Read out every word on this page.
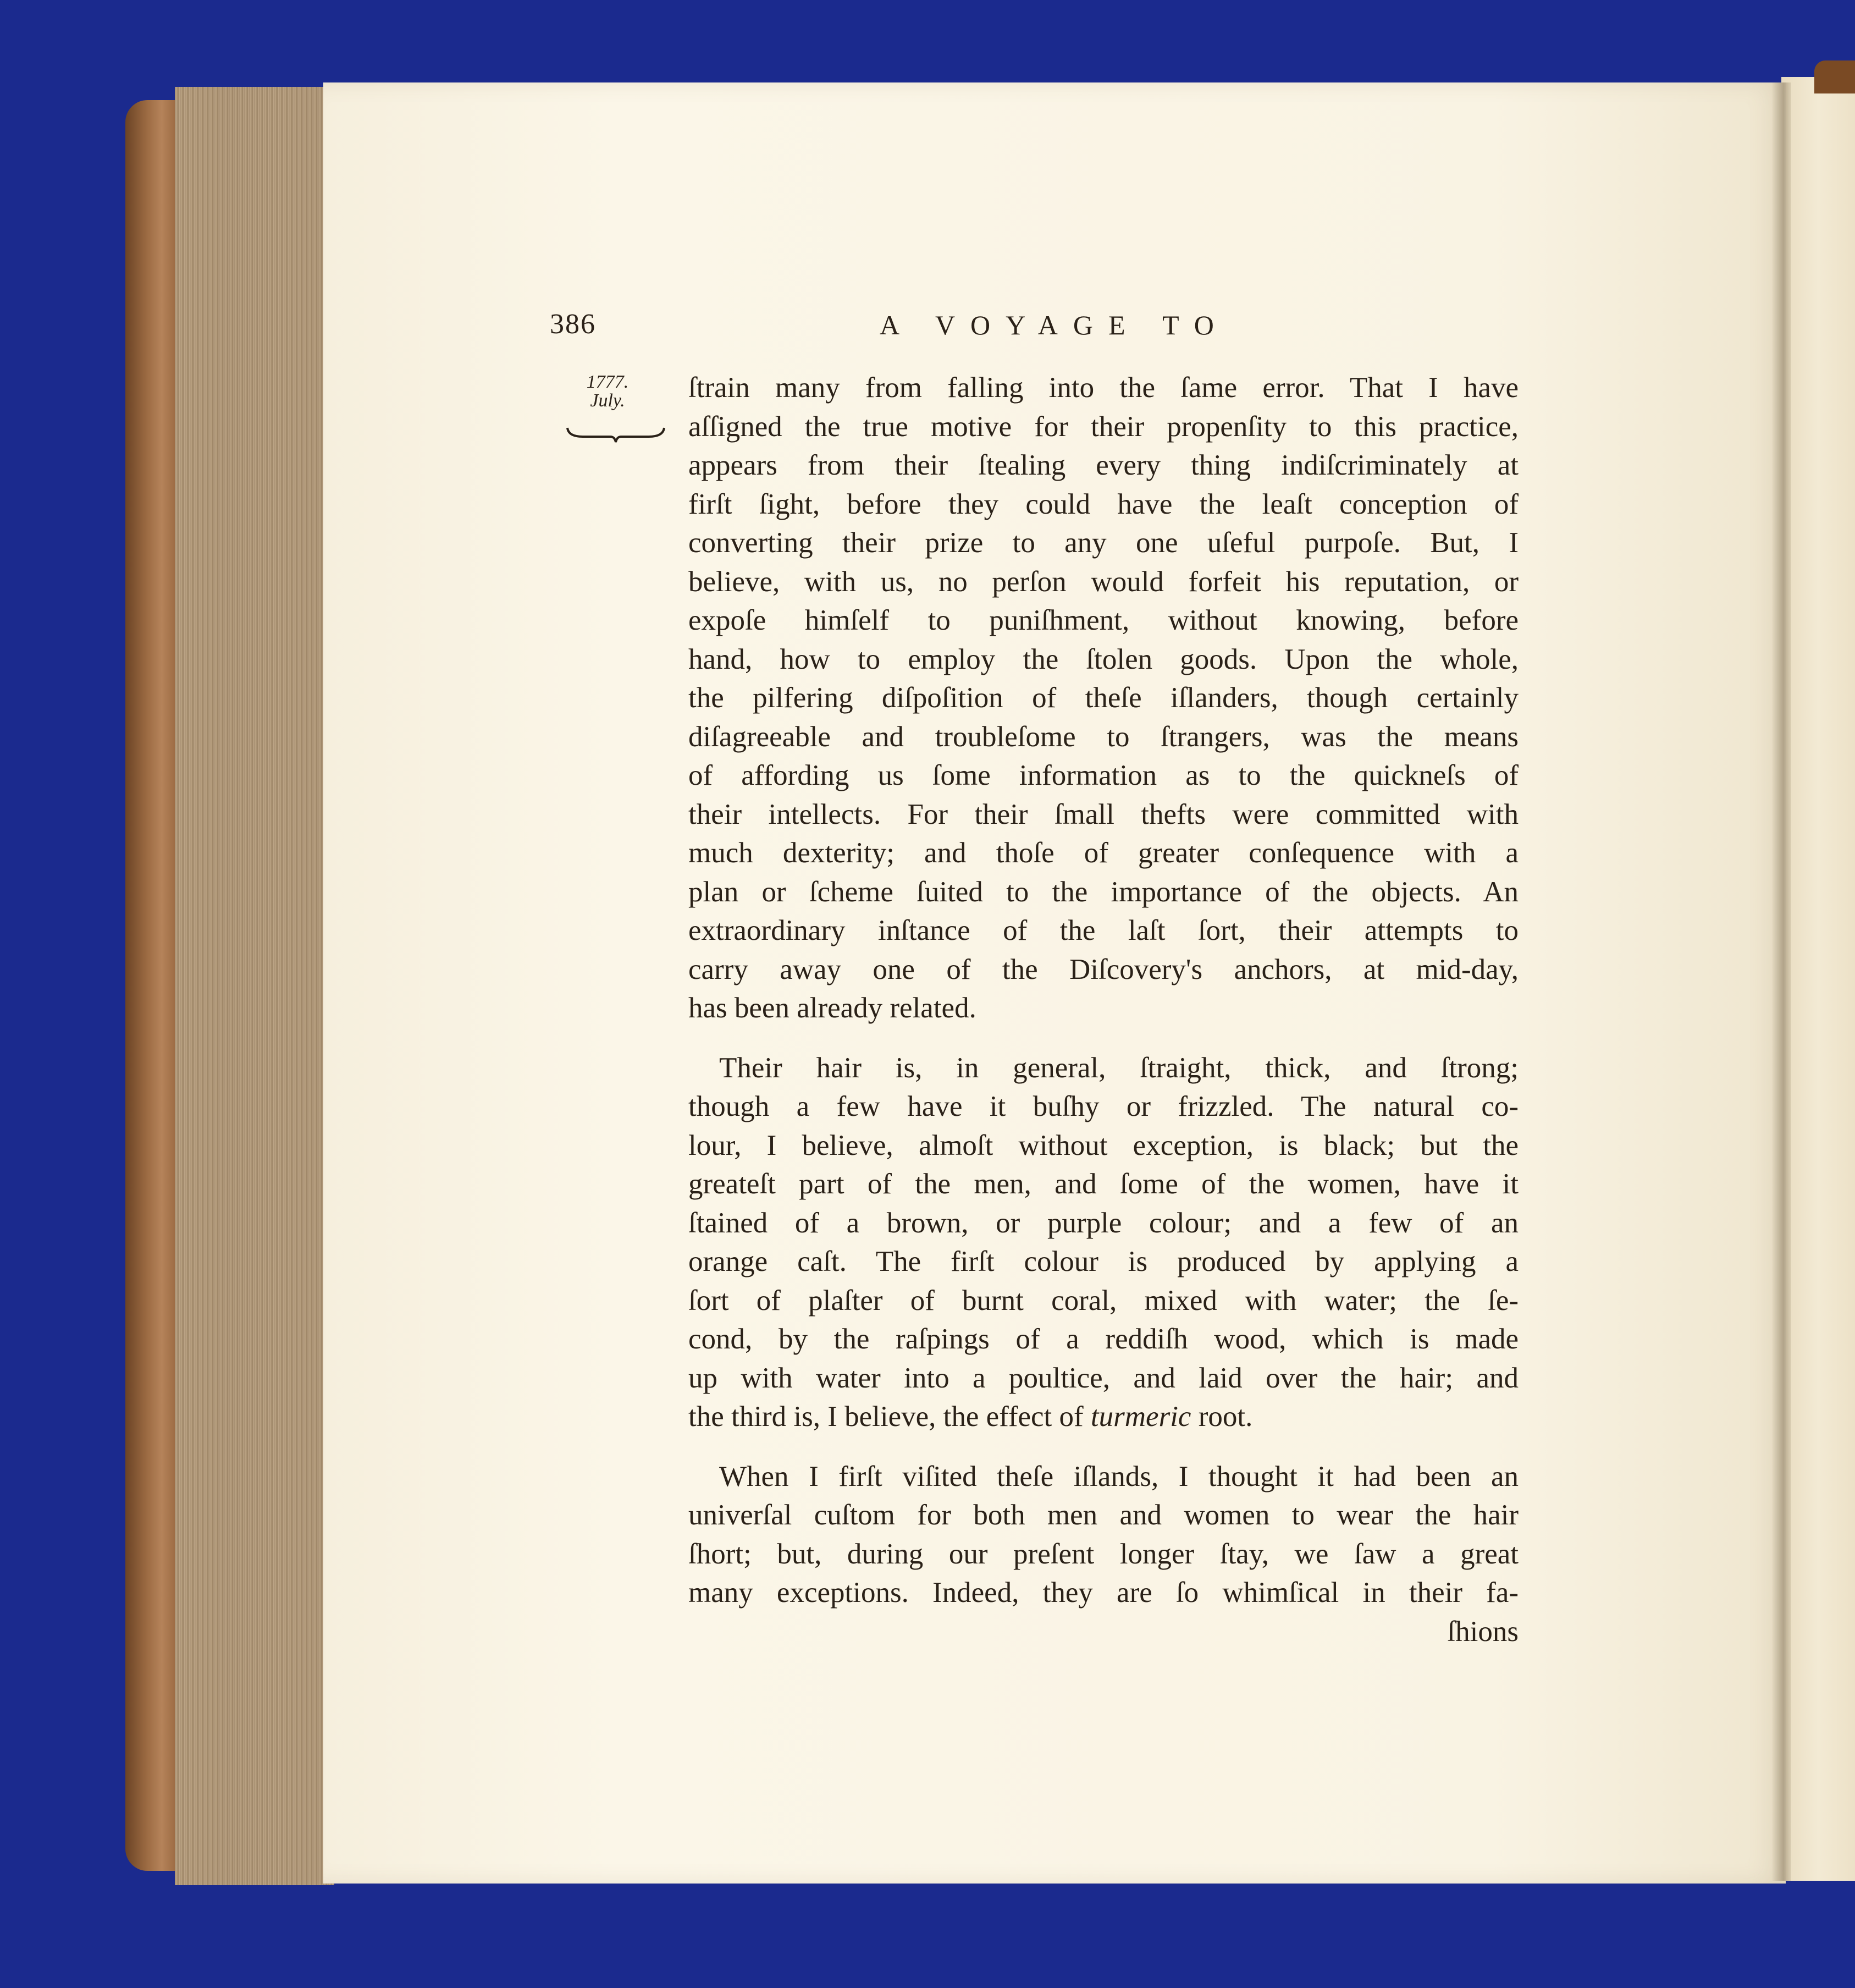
386	A VOYAGE TO
1777.
July.	ſtrain many from falling into the ſame error. That I have
aſſigned the true motive for their propenſity to this practice,
appears from their ſtealing every thing indiſcriminately at
firſt ſight, before they could have the leaſt conception of
converting their prize to any one uſeful purpoſe. But, I
believe, with us, no perſon would forfeit his reputation, or
expoſe himſelf to puniſhment, without knowing, before
hand, how to employ the ſtolen goods. Upon the whole,
the pilfering diſpoſition of theſe iſlanders, though certainly
diſagreeable and troubleſome to ſtrangers, was the means
of affording us ſome information as to the quickneſs of
their intellects. For their ſmall thefts were committed with
much dexterity; and thoſe of greater conſequence with a
plan or ſcheme ſuited to the importance of the objects. An
extraordinary inſtance of the laſt ſort, their attempts to
carry away one of the Diſcovery's anchors, at mid-day,
has been already related.
Their hair is, in general, ſtraight, thick, and ſtrong;
though a few have it buſhy or frizzled. The natural co-
lour, I believe, almoſt without exception, is black; but the
greateſt part of the men, and ſome of the women, have it
ſtained of a brown, or purple colour; and a few of an
orange caſt. The firſt colour is produced by applying a
ſort of plaſter of burnt coral, mixed with water; the ſe-
cond, by the raſpings of a reddiſh wood, which is made
up with water into a poultice, and laid over the hair; and
the third is, I believe, the effect of turmeric root.
When I firſt viſited theſe iſlands, I thought it had been an
univerſal cuſtom for both men and women to wear the hair
ſhort; but, during our preſent longer ſtay, we ſaw a great
many exceptions. Indeed, they are ſo whimſical in their fa-
ſhions
